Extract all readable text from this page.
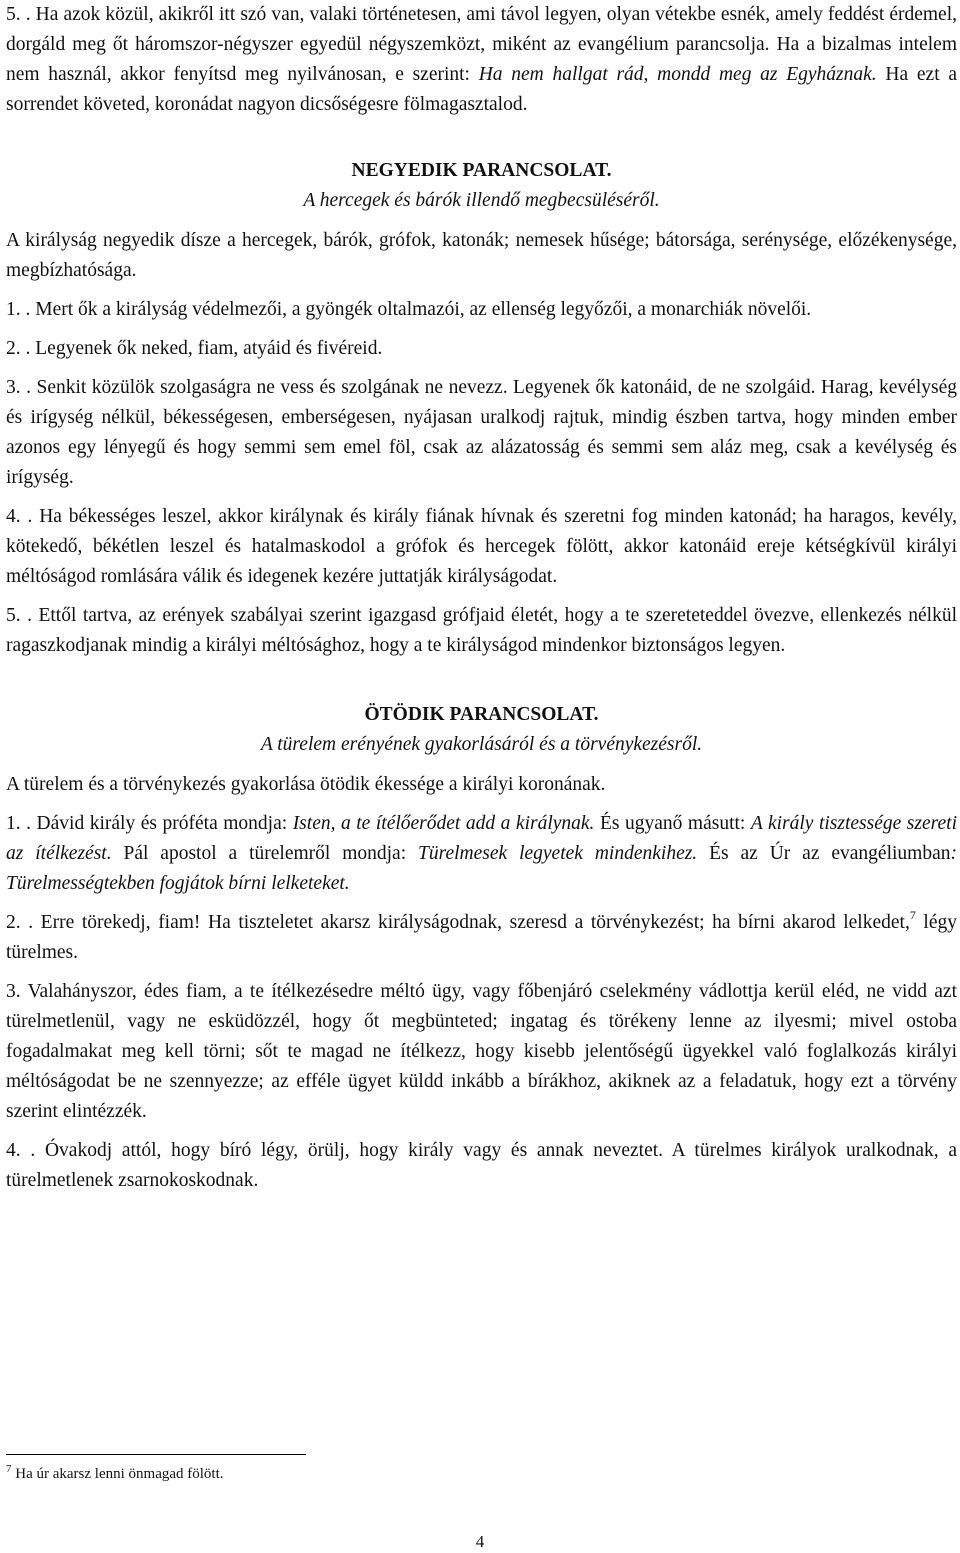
5. . Ha azok közül, akikről itt szó van, valaki történetesen, ami távol legyen, olyan vétekbe esnék, amely feddést érdemel, dorgáld meg őt háromszor-négyszer egyedül négyszemközt, miként az evangélium parancsolja. Ha a bizalmas intelem nem használ, akkor fenyítsd meg nyilvánosan, e szerint: Ha nem hallgat rád, mondd meg az Egyháznak. Ha ezt a sorrendet követed, koronádat nagyon dicsőségesre fölmagasztalod.

NEGYEDIK PARANCSOLAT.

A hercegek és bárók illendő megbecsüléséről.

A királyság negyedik dísze a hercegek, bárók, grófok, katonák; nemesek hűsége; bátorsága, serénysége, előzékenysége, megbízhatósága.

1. . Mert ők a királyság védelmezői, a gyöngék oltalmazói, az ellenség legyőzői, a monarchiák növelői.

2. . Legyenek ők neked, fiam, atyáid és fivéreid.

3. . Senkit közülök szolgaságra ne vess és szolgának ne nevezz. Legyenek ők katonáid, de ne szolgáid. Harag, kevélység és irígység nélkül, békességesen, emberségesen, nyájasan uralkodj rajtuk, mindig észben tartva, hogy minden ember azonos egy lényegű és hogy semmi sem emel föl, csak az alázatosság és semmi sem aláz meg, csak a kevélység és irígység.

4. . Ha békességes leszel, akkor királynak és király fiának hívnak és szeretni fog minden katonád; ha haragos, kevély, kötekedő, békétlen leszel és hatalmaskodol a grófok és hercegek fölött, akkor katonáid ereje kétségkívül királyi méltóságod romlására válik és idegenek kezére juttatják királyságodat.

5. . Ettől tartva, az erények szabályai szerint igazgasd grófjaid életét, hogy a te szereteteddel övezve, ellenkezés nélkül ragaszkodjanak mindig a királyi méltósághoz, hogy a te királyságod mindenkor biztonságos legyen.

ÖTÖDIK PARANCSOLAT.

A türelem erényének gyakorlásáról és a törvénykezésről.

A türelem és a törvénykezés gyakorlása ötödik ékessége a királyi koronának.

1. . Dávid király és próféta mondja: Isten, a te ítélőerődet add a királynak. És ugyanő másutt: A király tisztessége szereti az ítélkezést. Pál apostol a türelemről mondja: Türelmesek legyetek mindenkihez. És az Úr az evangéliumban: Türelmességtekben fogjátok bírni lelketeket.

2. . Erre törekedj, fiam! Ha tiszteletet akarsz királyságodnak, szeresd a törvénykezést; ha bírni akarod lelkedet,$^7$ légy türelmes.

3. Valahányszor, édes fiam, a te ítélkezésedre méltó ügy, vagy főbenjáró cselekmény vádlottja kerül eléd, ne vidd azt türelmetlenül, vagy ne esküdözzél, hogy őt megbünteted; ingatag és törékeny lenne az ilyesmi; mivel ostoba fogadalmakat meg kell törni; sőt te magad ne ítélkezz, hogy kisebb jelentőségű ügyekkel való foglalkozás királyi méltóságodat be ne szennyezze; az efféle ügyet küldd inkább a bírákhoz, akiknek az a feladatuk, hogy ezt a törvény szerint elintézzék.

4. . Óvakodj attól, hogy bíró légy, örülj, hogy király vagy és annak neveztet. A türelmes királyok uralkodnak, a türelmetlenek zsarnokoskodnak.

$^7$ Ha úr akarsz lenni önmagad fölött.
4
